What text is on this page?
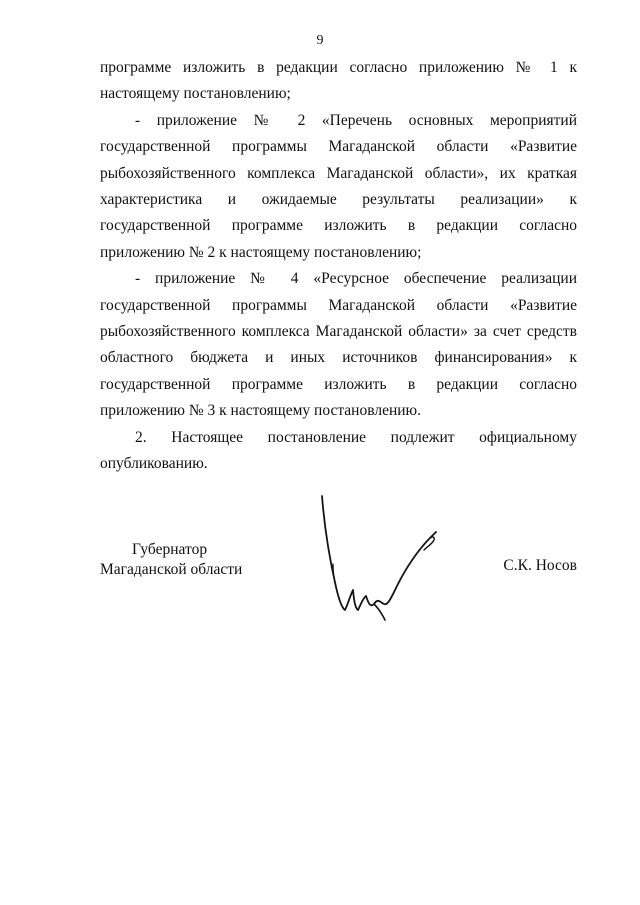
9

программе изложить в редакции согласно приложению № 1 к настоящему постановлению;

- приложение № 2 «Перечень основных мероприятий государственной программы Магаданской области «Развитие рыбохозяйственного комплекса Магаданской области», их краткая характеристика и ожидаемые результаты реализации» к государственной программе изложить в редакции согласно приложению № 2 к настоящему постановлению;

- приложение № 4 «Ресурсное обеспечение реализации государственной программы Магаданской области «Развитие рыбохозяйственного комплекса Магаданской области» за счет средств областного бюджета и иных источников финансирования» к государственной программе изложить в редакции согласно приложению № 3 к настоящему постановлению.

2. Настоящее постановление подлежит официальному опубликованию.

Губернатор
Магаданской области	С.К. Носов
